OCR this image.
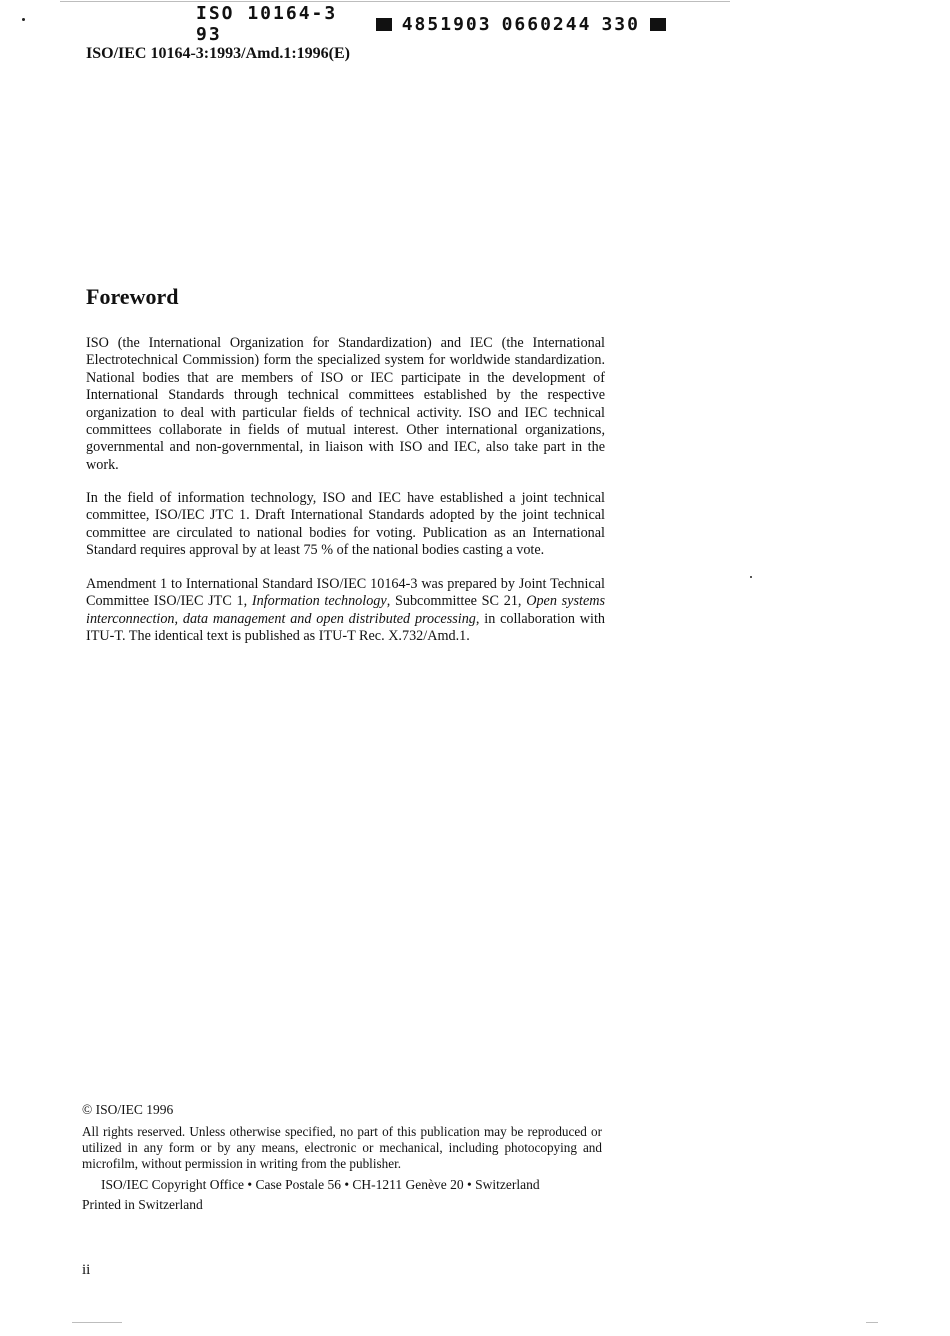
ISO 10164-3 93	4851903 0660244 330
ISO/IEC 10164-3:1993/Amd.1:1996(E)
Foreword

ISO (the International Organization for Standardization) and IEC (the International Electrotechnical Commission) form the specialized system for worldwide standardization. National bodies that are members of ISO or IEC participate in the development of International Standards through technical committees established by the respective organization to deal with particular fields of technical activity. ISO and IEC technical committees collaborate in fields of mutual interest. Other international organizations, governmental and non-governmental, in liaison with ISO and IEC, also take part in the work.

In the field of information technology, ISO and IEC have established a joint technical committee, ISO/IEC JTC 1. Draft International Standards adopted by the joint technical committee are circulated to national bodies for voting. Publication as an International Standard requires approval by at least 75 % of the national bodies casting a vote.

Amendment 1 to International Standard ISO/IEC 10164-3 was prepared by Joint Technical Committee ISO/IEC JTC 1, Information technology, Subcommittee SC 21, Open systems interconnection, data management and open distributed processing, in collaboration with ITU-T. The identical text is published as ITU-T Rec. X.732/Amd.1.

© ISO/IEC 1996

All rights reserved. Unless otherwise specified, no part of this publication may be reproduced or utilized in any form or by any means, electronic or mechanical, including photocopying and microfilm, without permission in writing from the publisher.

ISO/IEC Copyright Office • Case Postale 56 • CH-1211 Genève 20 • Switzerland
Printed in Switzerland
ii
